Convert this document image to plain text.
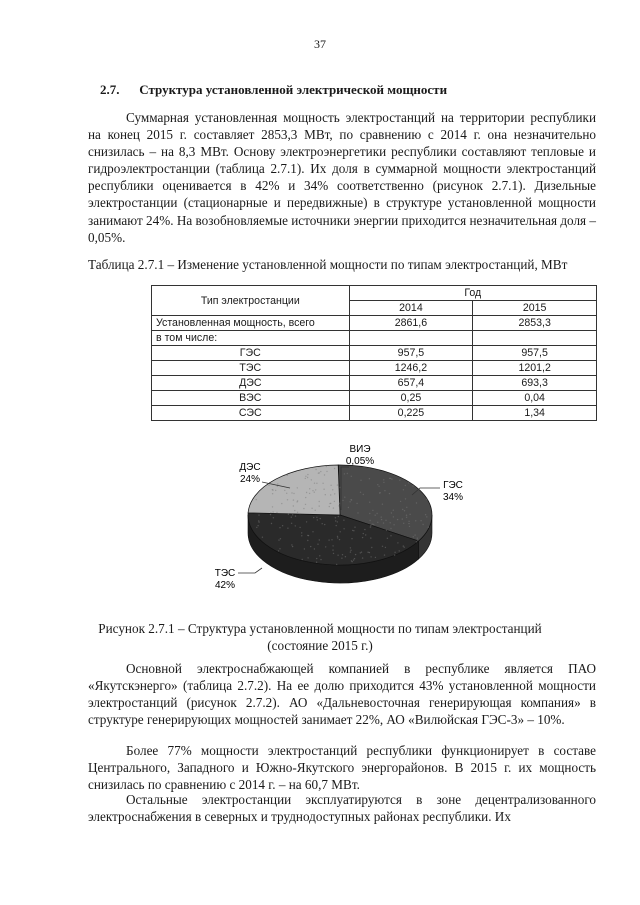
37
2.7. Структура установленной электрической мощности

Суммарная установленная мощность электростанций на территории республики на конец 2015 г. составляет 2853,3 МВт, по сравнению с 2014 г. она незначительно снизилась – на 8,3 МВт. Основу электроэнергетики республики составляют тепловые и гидроэлектростанции (таблица 2.7.1). Их доля в суммарной мощности электростанций республики оценивается в 42% и 34% соответственно (рисунок 2.7.1). Дизельные электростанции (стационарные и передвижные) в структуре установленной мощности занимают 24%. На возобновляемые источники энергии приходится незначительная доля – 0,05%.

Таблица 2.7.1 – Изменение установленной мощности по типам электростанций, МВт

Тип электростанции	Год	
	2014	2015
Установленная мощность, всего	2861,6	2853,3
в том числе:		
ГЭС	957,5	957,5
ТЭС	1246,2	1201,2
ДЭС	657,4	693,3
ВЭС	0,25	0,04
СЭС	0,225	1,34
ВИЭ
0,05%
ДЭС
24%
ГЭС
34%
ТЭС
42%
Рисунок 2.7.1 – Структура установленной мощности по типам электростанций
(состояние 2015 г.)

Основной электроснабжающей компанией в республике является ПАО «Якутскэнерго» (таблица 2.7.2). На ее долю приходится 43% установленной мощности электростанций (рисунок 2.7.2). АО «Дальневосточная генерирующая компания» в структуре генерирующих мощностей занимает 22%, АО «Вилюйская ГЭС-3» – 10%.

Более 77% мощности электростанций республики функционирует в составе Центрального, Западного и Южно-Якутского энергорайонов. В 2015 г. их мощность снизилась по сравнению с 2014 г. – на 60,7 МВт.

Остальные электростанции эксплуатируются в зоне децентрализованного электроснабжения в северных и труднодоступных районах республики. Их
